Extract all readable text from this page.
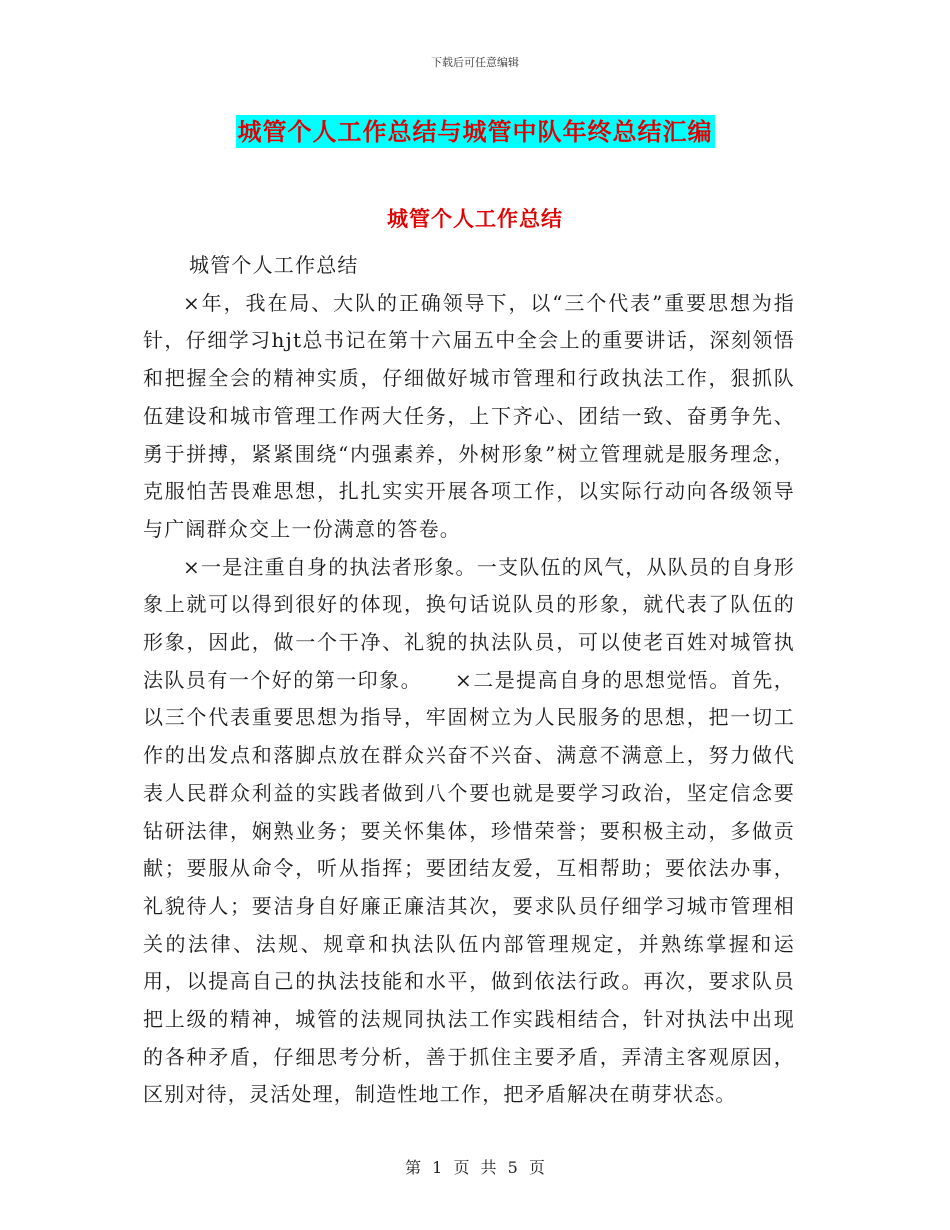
下载后可任意编辑
城管个人工作总结与城管中队年终总结汇编
城管个人工作总结

城管个人工作总结

×年，我在局、大队的正确领导下，以“三个代表”重要思想为指针，仔细学习hjt总书记在第十六届五中全会上的重要讲话，深刻领悟和把握全会的精神实质，仔细做好城市管理和行政执法工作，狠抓队伍建设和城市管理工作两大任务，上下齐心、团结一致、奋勇争先、勇于拼搏，紧紧围绕“内强素养，外树形象”树立管理就是服务理念，克服怕苦畏难思想，扎扎实实开展各项工作，以实际行动向各级领导与广阔群众交上一份满意的答卷。

×一是注重自身的执法者形象。一支队伍的风气，从队员的自身形象上就可以得到很好的体现，换句话说队员的形象，就代表了队伍的形象，因此，做一个干净、礼貌的执法队员，可以使老百姓对城管执法队员有一个好的第一印象。　　×二是提高自身的思想觉悟。首先，以三个代表重要思想为指导，牢固树立为人民服务的思想，把一切工作的出发点和落脚点放在群众兴奋不兴奋、满意不满意上，努力做代表人民群众利益的实践者做到八个要也就是要学习政治，坚定信念要钻研法律，娴熟业务；要关怀集体，珍惜荣誉；要积极主动，多做贡献；要服从命令，听从指挥；要团结友爱，互相帮助；要依法办事，礼貌待人；要洁身自好廉正廉洁其次，要求队员仔细学习城市管理相关的法律、法规、规章和执法队伍内部管理规定，并熟练掌握和运用，以提高自己的执法技能和水平，做到依法行政。再次，要求队员把上级的精神，城管的法规同执法工作实践相结合，针对执法中出现的各种矛盾，仔细思考分析，善于抓住主要矛盾，弄清主客观原因，区别对待，灵活处理，制造性地工作，把矛盾解决在萌芽状态。

第 1 页 共 5 页
